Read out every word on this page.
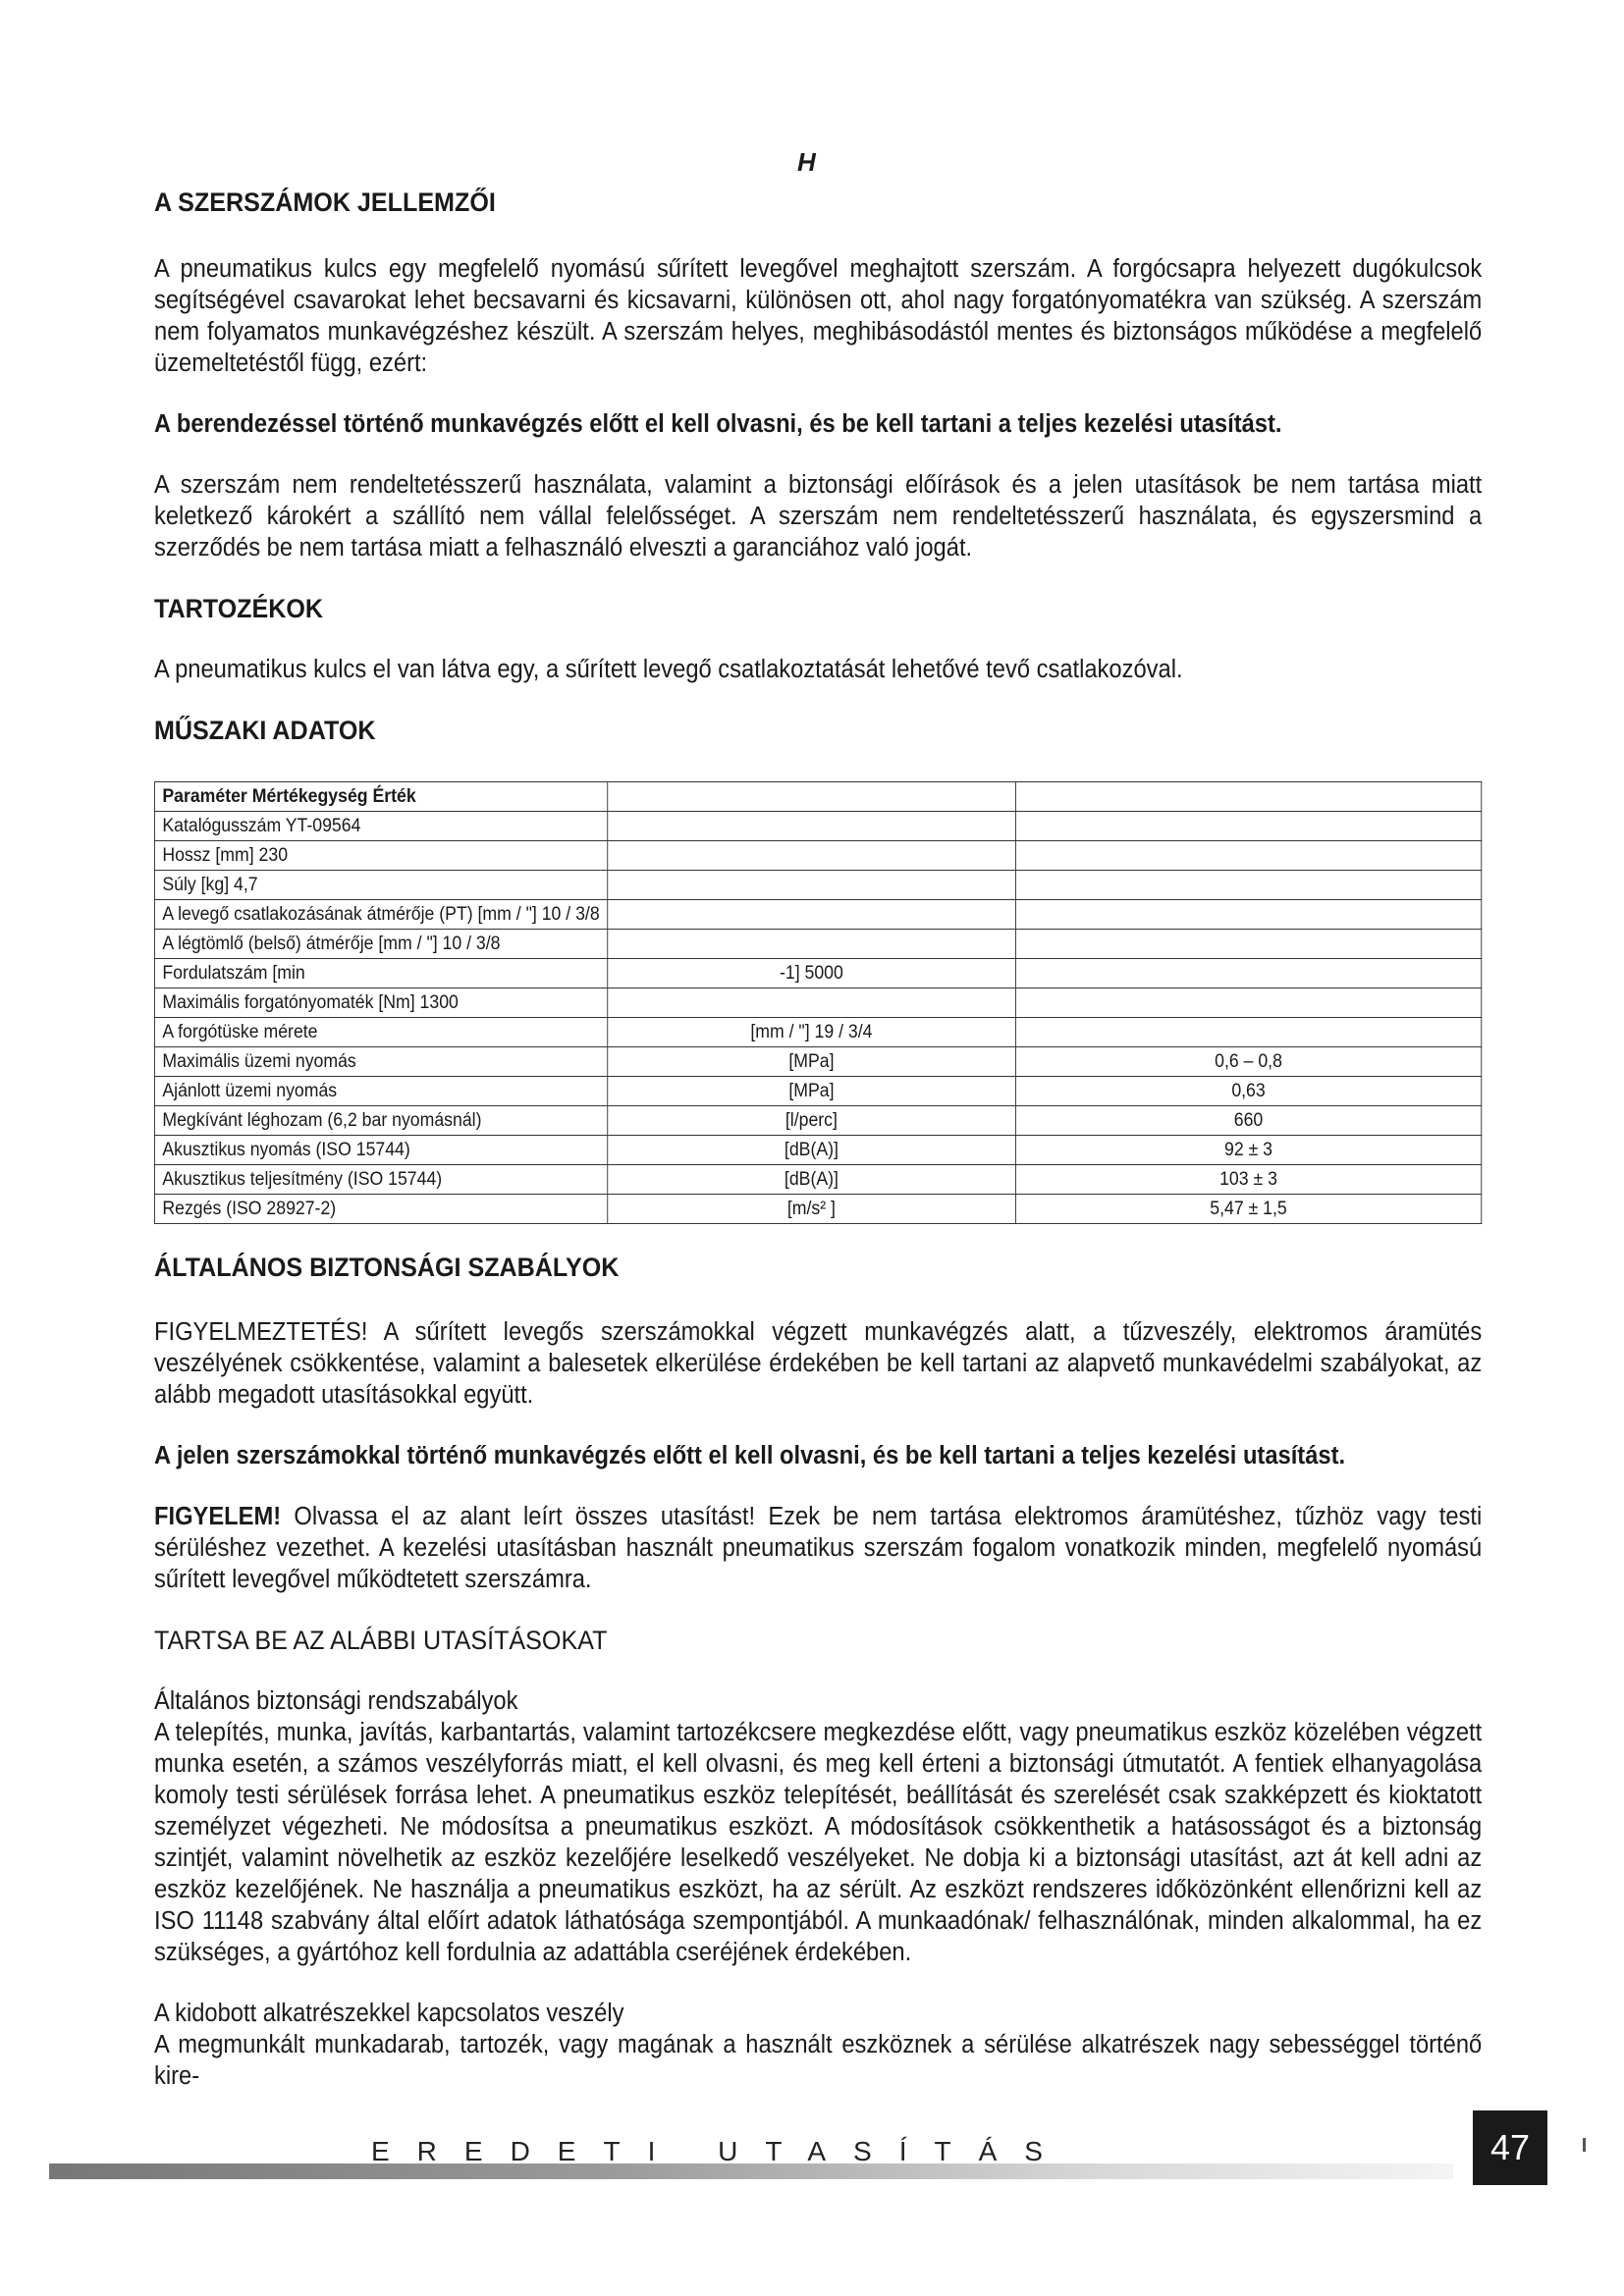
H
A SZERSZÁMOK JELLEMZŐI

A pneumatikus kulcs egy megfelelő nyomású sűrített levegővel meghajtott szerszám. A forgócsapra helyezett dugókulcsok segítségével csavarokat lehet becsavarni és kicsavarni, különösen ott, ahol nagy forgatónyomatékra van szükség. A szerszám nem folyamatos munkavégzéshez készült. A szerszám helyes, meghibásodástól mentes és biztonságos működése a megfelelő üzemeltetéstől függ, ezért:

A berendezéssel történő munkavégzés előtt el kell olvasni, és be kell tartani a teljes kezelési utasítást.

A szerszám nem rendeltetésszerű használata, valamint a biztonsági előírások és a jelen utasítások be nem tartása miatt keletkező károkért a szállító nem vállal felelősséget. A szerszám nem rendeltetésszerű használata, és egyszersmind a szerződés be nem tartása miatt a felhasználó elveszti a garanciához való jogát.

TARTOZÉKOK

A pneumatikus kulcs el van látva egy, a sűrített levegő csatlakoztatását lehetővé tevő csatlakozóval.

MŰSZAKI ADATOK
Paraméter Mértékegység Érték		
Katalógusszám YT-09564		
Hossz [mm] 230		
Súly [kg] 4,7		
A levegő csatlakozásának átmérője (PT) [mm / "] 10 / 3/8		
A légtömlő (belső) átmérője [mm / "] 10 / 3/8		
Fordulatszám [min	-1] 5000	
Maximális forgatónyomaték [Nm] 1300		
A forgótüske mérete	[mm / "] 19 / 3/4	
Maximális üzemi nyomás	[MPa]	0,6 – 0,8
Ajánlott üzemi nyomás	[MPa]	0,63
Megkívánt léghozam (6,2 bar nyomásnál)	[l/perc]	660
Akusztikus nyomás (ISO 15744)	[dB(A)]	92 ± 3
Akusztikus teljesítmény (ISO 15744)	[dB(A)]	103 ± 3
Rezgés (ISO 28927-2)	[m/s² ]	5,47 ± 1,5
ÁLTALÁNOS BIZTONSÁGI SZABÁLYOK

FIGYELMEZTETÉS! A sűrített levegős szerszámokkal végzett munkavégzés alatt, a tűzveszély, elektromos áramütés veszélyének csökkentése, valamint a balesetek elkerülése érdekében be kell tartani az alapvető munkavédelmi szabályokat, az alább megadott utasításokkal együtt.

A jelen szerszámokkal történő munkavégzés előtt el kell olvasni, és be kell tartani a teljes kezelési utasítást.

FIGYELEM! Olvassa el az alant leírt összes utasítást! Ezek be nem tartása elektromos áramütéshez, tűzhöz vagy testi sérüléshez vezethet. A kezelési utasításban használt pneumatikus szerszám fogalom vonatkozik minden, megfelelő nyomású sűrített levegővel működtetett szerszámra.

TARTSA BE AZ ALÁBBI UTASÍTÁSOKAT
Általános biztonsági rendszabályok

A telepítés, munka, javítás, karbantartás, valamint tartozékcsere megkezdése előtt, vagy pneumatikus eszköz közelében végzett munka esetén, a számos veszélyforrás miatt, el kell olvasni, és meg kell érteni a biztonsági útmutatót. A fentiek elhanyagolása komoly testi sérülések forrása lehet. A pneumatikus eszköz telepítését, beállítását és szerelését csak szakképzett és kioktatott személyzet végezheti. Ne módosítsa a pneumatikus eszközt. A módosítások csökkenthetik a hatásosságot és a biztonság szintjét, valamint növelhetik az eszköz kezelőjére leselkedő veszélyeket. Ne dobja ki a biztonsági utasítást, azt át kell adni az eszköz kezelőjének. Ne használja a pneumatikus eszközt, ha az sérült. Az eszközt rendszeres időközönként ellenőrizni kell az ISO 11148 szabvány által előírt adatok láthatósága szempontjából. A munkaadónak/ felhasználónak, minden alkalommal, ha ez szükséges, a gyártóhoz kell fordulnia az adattábla cseréjének érdekében.

A kidobott alkatrészekkel kapcsolatos veszély

A megmunkált munkadarab, tartozék, vagy magának a használt eszköznek a sérülése alkatrészek nagy sebességgel történő kire-

EREDETI UTASÍTÁS	47
